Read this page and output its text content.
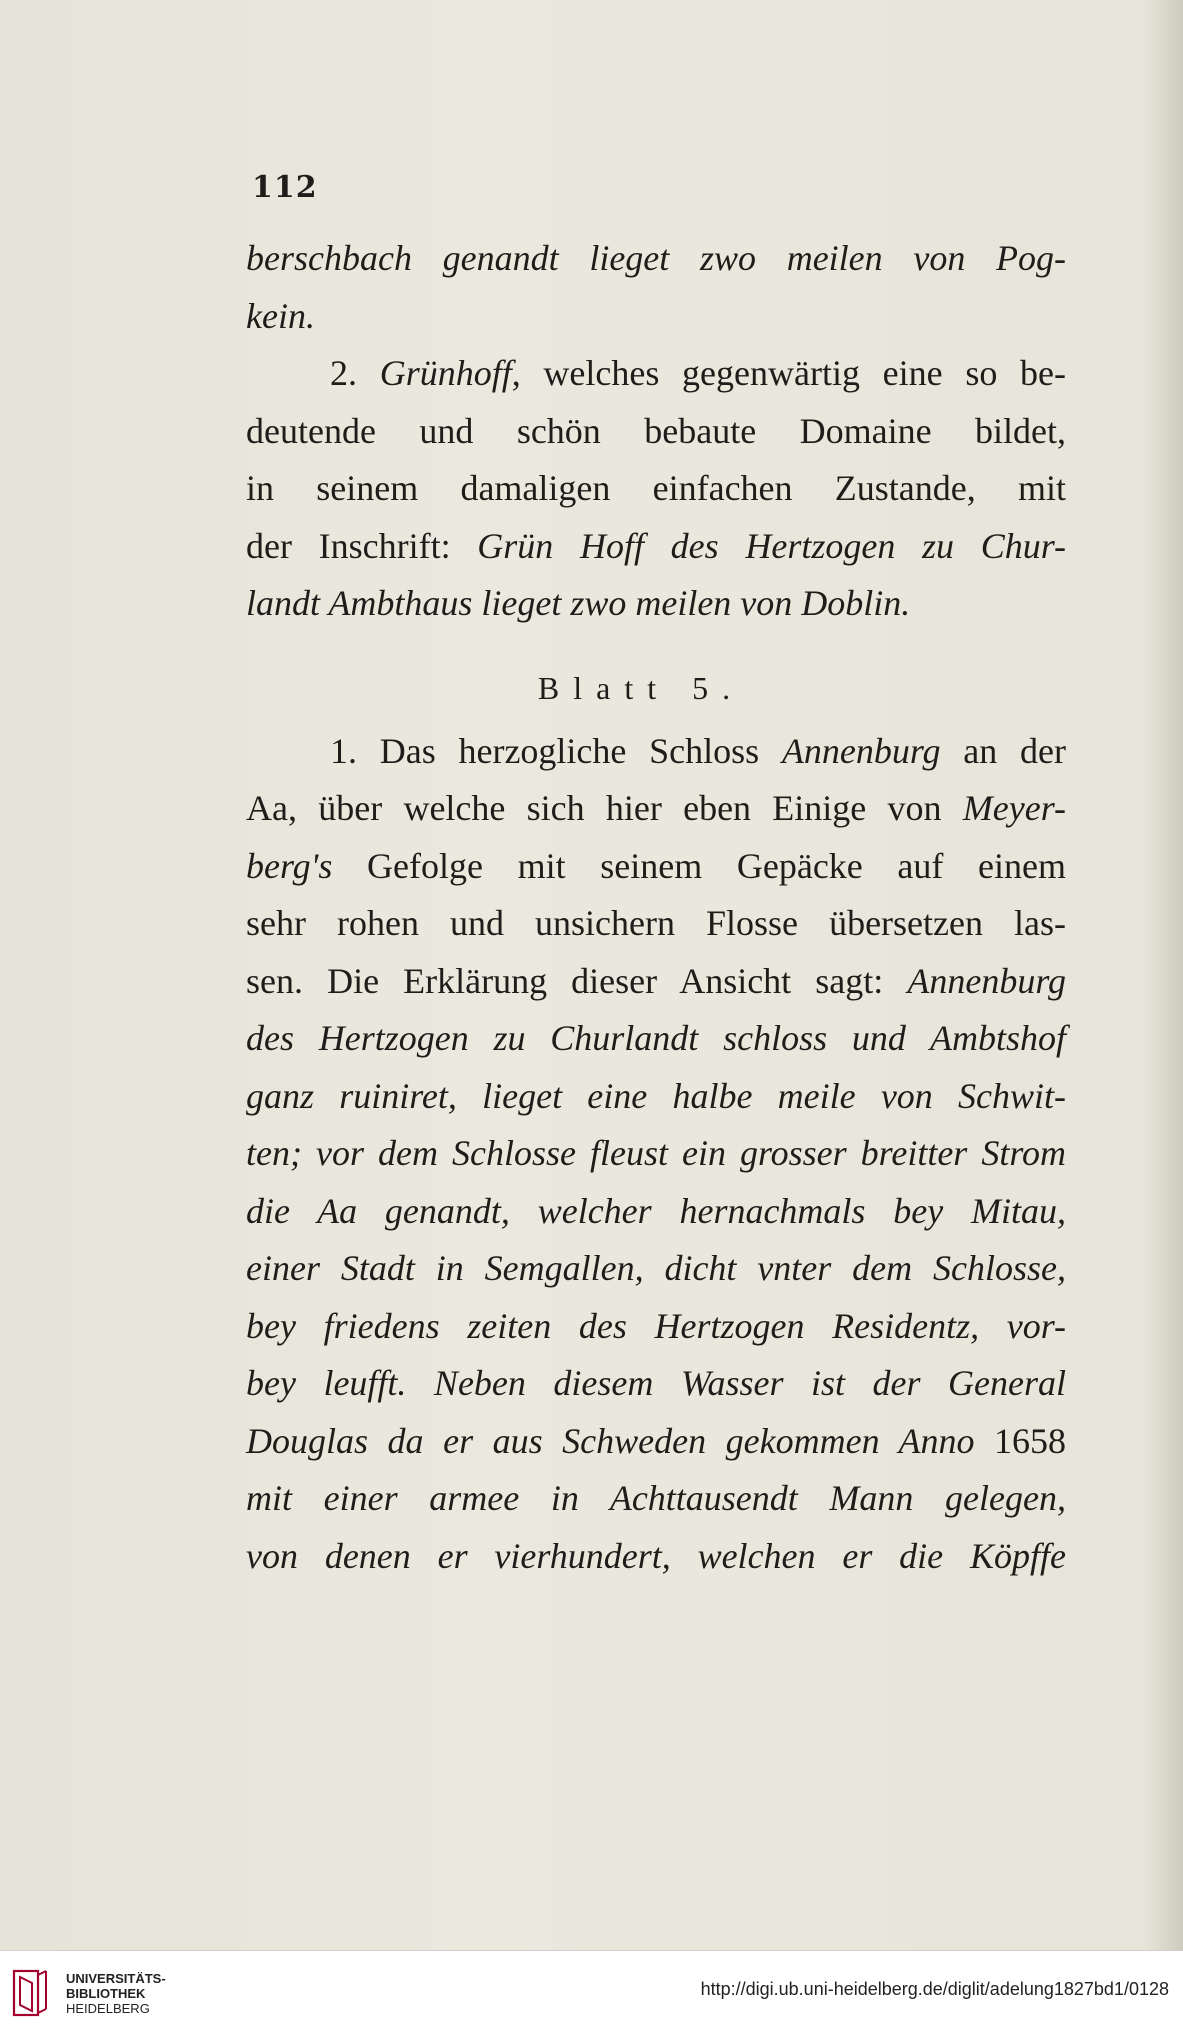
112
berschbach genandt lieget zwo meilen von Pog-
kein.
2. Grünhoff, welches gegenwärtig eine so be-
deutende und schön bebaute Domaine bildet,
in seinem damaligen einfachen Zustande, mit
der Inschrift: Grün Hoff des Hertzogen zu Chur-
landt Ambthaus lieget zwo meilen von Doblin.
Blatt 5.
1. Das herzogliche Schloss Annenburg an der
Aa, über welche sich hier eben Einige von Meyer-
berg's Gefolge mit seinem Gepäcke auf einem
sehr rohen und unsichern Flosse übersetzen las-
sen. Die Erklärung dieser Ansicht sagt: Annenburg
des Hertzogen zu Churlandt schloss und Ambtshof
ganz ruiniret, lieget eine halbe meile von Schwit-
ten; vor dem Schlosse fleust ein grosser breitter Strom
die Aa genandt, welcher hernachmals bey Mitau,
einer Stadt in Semgallen, dicht vnter dem Schlosse,
bey friedens zeiten des Hertzogen Residentz, vor-
bey leufft. Neben diesem Wasser ist der General
Douglas da er aus Schweden gekommen Anno 1658
mit einer armee in Achttausendt Mann gelegen,
von denen er vierhundert, welchen er die Köpffe
UNIVERSITÄTS-
BIBLIOTHEK
HEIDELBERG
http://digi.ub.uni-heidelberg.de/diglit/adelung1827bd1/0128
